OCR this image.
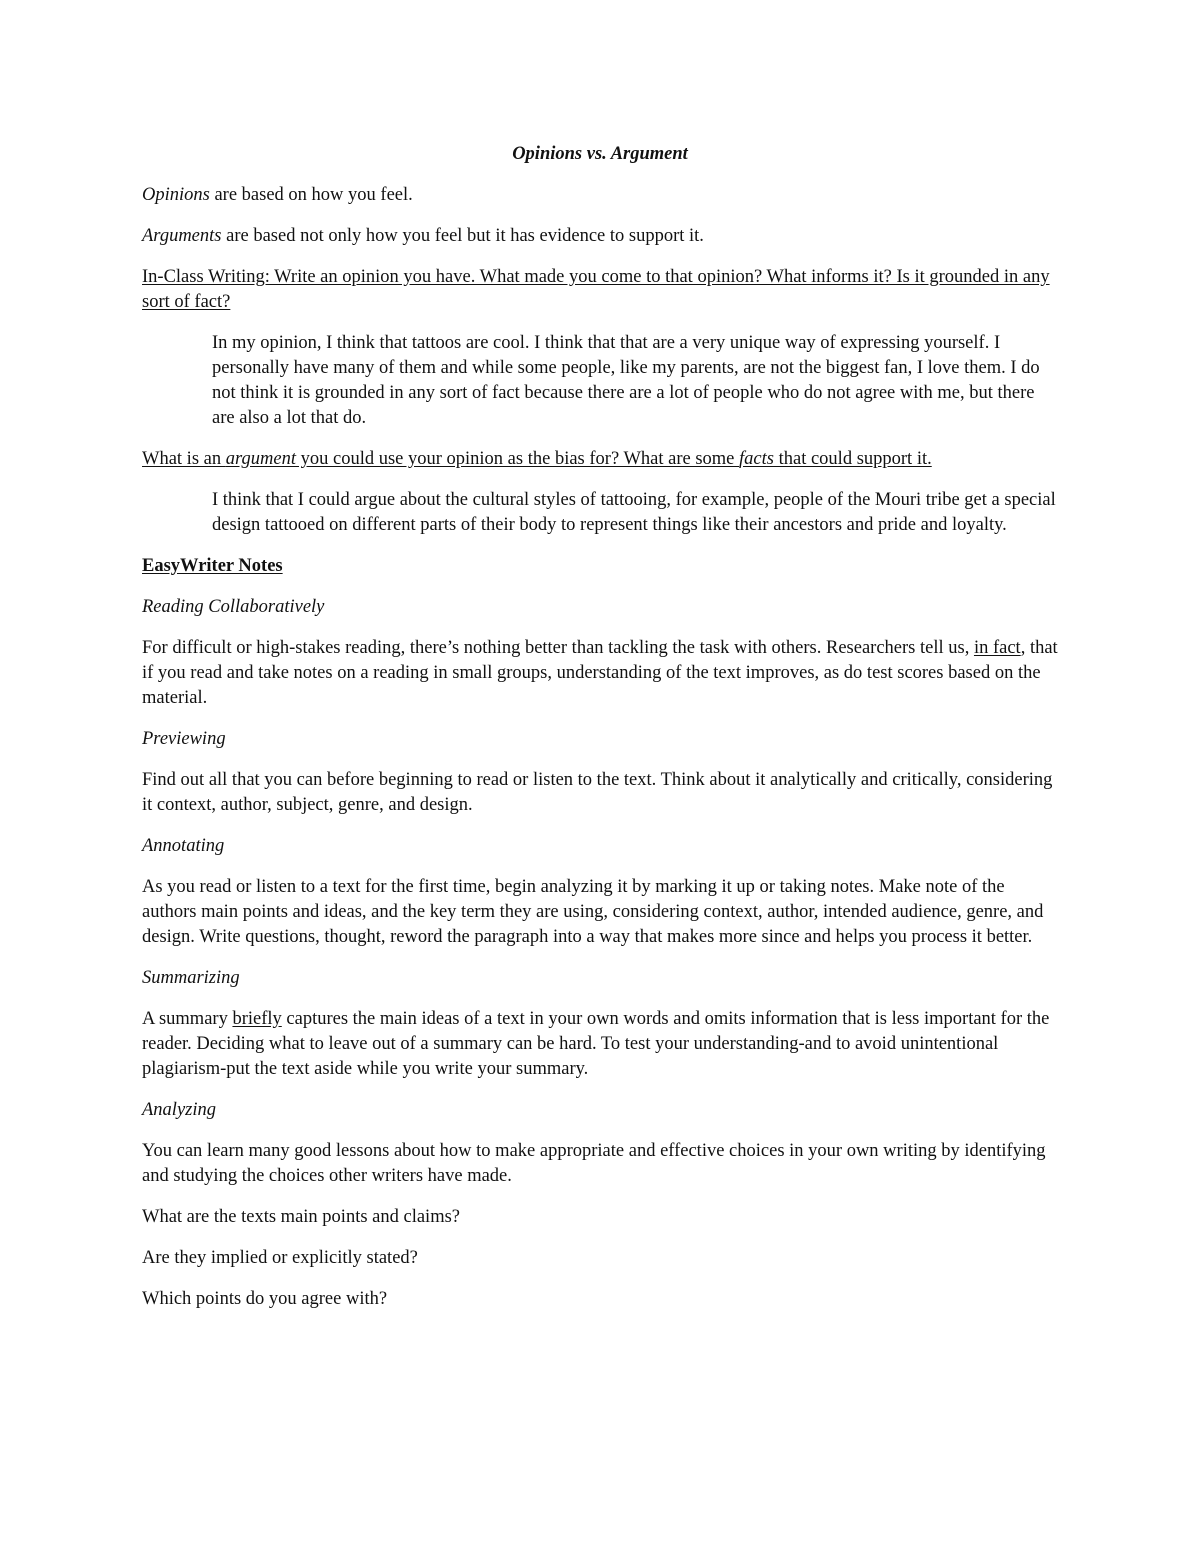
Opinions vs. Argument

Opinions are based on how you feel.

Arguments are based not only how you feel but it has evidence to support it.

In-Class Writing: Write an opinion you have. What made you come to that opinion? What informs it? Is it grounded in any sort of fact?

In my opinion, I think that tattoos are cool. I think that that are a very unique way of expressing yourself. I personally have many of them and while some people, like my parents, are not the biggest fan, I love them. I do not think it is grounded in any sort of fact because there are a lot of people who do not agree with me, but there are also a lot that do.

What is an argument you could use your opinion as the bias for? What are some facts that could support it.

I think that I could argue about the cultural styles of tattooing, for example, people of the Mouri tribe get a special design tattooed on different parts of their body to represent things like their ancestors and pride and loyalty.

EasyWriter Notes

Reading Collaboratively

For difficult or high-stakes reading, there’s nothing better than tackling the task with others. Researchers tell us, in fact, that if you read and take notes on a reading in small groups, understanding of the text improves, as do test scores based on the material.

Previewing

Find out all that you can before beginning to read or listen to the text. Think about it analytically and critically, considering it context, author, subject, genre, and design.

Annotating

As you read or listen to a text for the first time, begin analyzing it by marking it up or taking notes. Make note of the authors main points and ideas, and the key term they are using, considering context, author, intended audience, genre, and design. Write questions, thought, reword the paragraph into a way that makes more since and helps you process it better.

Summarizing

A summary briefly captures the main ideas of a text in your own words and omits information that is less important for the reader. Deciding what to leave out of a summary can be hard. To test your understanding-and to avoid unintentional plagiarism-put the text aside while you write your summary.

Analyzing

You can learn many good lessons about how to make appropriate and effective choices in your own writing by identifying and studying the choices other writers have made.

What are the texts main points and claims?

Are they implied or explicitly stated?

Which points do you agree with?
